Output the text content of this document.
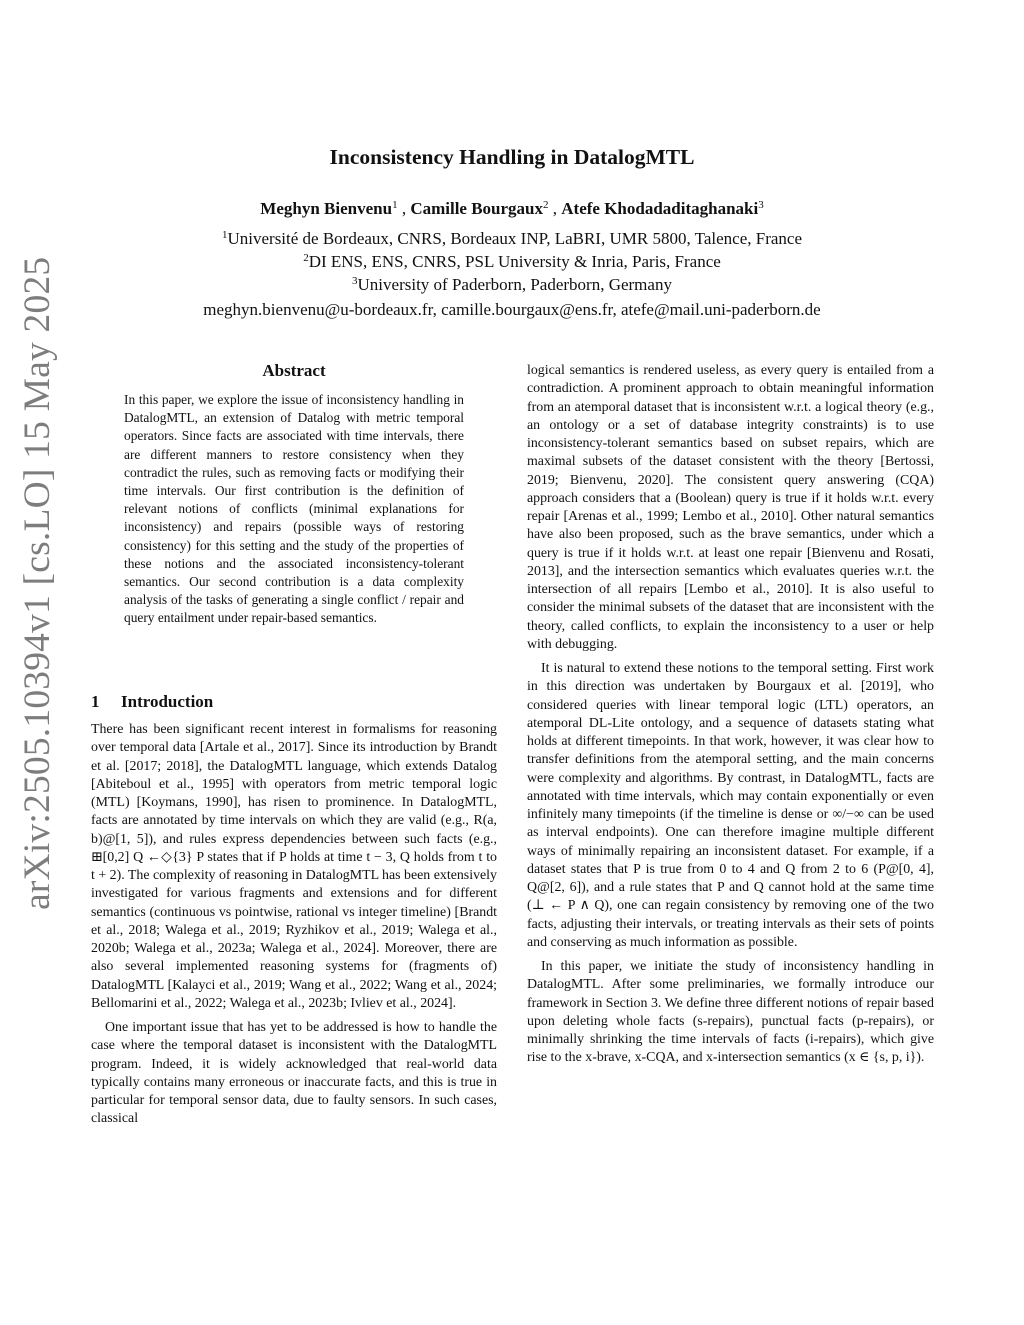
arXiv:2505.10394v1 [cs.LO] 15 May 2025
Inconsistency Handling in DatalogMTL
Meghyn Bienvenu$^1$ , Camille Bourgaux$^2$ , Atefe Khodadaditaghanaki$^3$
$^1$Université de Bordeaux, CNRS, Bordeaux INP, LaBRI, UMR 5800, Talence, France
$^2$DI ENS, ENS, CNRS, PSL University & Inria, Paris, France
$^3$University of Paderborn, Paderborn, Germany
meghyn.bienvenu@u-bordeaux.fr, camille.bourgaux@ens.fr, atefe@mail.uni-paderborn.de
Abstract
In this paper, we explore the issue of inconsistency handling in DatalogMTL, an extension of Datalog with metric temporal operators. Since facts are associated with time intervals, there are different manners to restore consistency when they contradict the rules, such as removing facts or modifying their time intervals. Our first contribution is the definition of relevant notions of conflicts (minimal explanations for inconsistency) and repairs (possible ways of restoring consistency) for this setting and the study of the properties of these notions and the associated inconsistency-tolerant semantics. Our second contribution is a data complexity analysis of the tasks of generating a single conflict / repair and query entailment under repair-based semantics.
1 Introduction

There has been significant recent interest in formalisms for reasoning over temporal data [Artale et al., 2017]. Since its introduction by Brandt et al. [2017; 2018], the DatalogMTL language, which extends Datalog [Abiteboul et al., 1995] with operators from metric temporal logic (MTL) [Koymans, 1990], has risen to prominence. In DatalogMTL, facts are annotated by time intervals on which they are valid (e.g., R(a, b)@[1, 5]), and rules express dependencies between such facts (e.g., ⊞[0,2] Q ←◇{3} P states that if P holds at time t − 3, Q holds from t to t + 2). The complexity of reasoning in DatalogMTL has been extensively investigated for various fragments and extensions and for different semantics (continuous vs pointwise, rational vs integer timeline) [Brandt et al., 2018; Walega et al., 2019; Ryzhikov et al., 2019; Walega et al., 2020b; Walega et al., 2023a; Walega et al., 2024]. Moreover, there are also several implemented reasoning systems for (fragments of) DatalogMTL [Kalayci et al., 2019; Wang et al., 2022; Wang et al., 2024; Bellomarini et al., 2022; Walega et al., 2023b; Ivliev et al., 2024].

One important issue that has yet to be addressed is how to handle the case where the temporal dataset is inconsistent with the DatalogMTL program. Indeed, it is widely acknowledged that real-world data typically contains many erroneous or inaccurate facts, and this is true in particular for temporal sensor data, due to faulty sensors. In such cases, classical

logical semantics is rendered useless, as every query is entailed from a contradiction. A prominent approach to obtain meaningful information from an atemporal dataset that is inconsistent w.r.t. a logical theory (e.g., an ontology or a set of database integrity constraints) is to use inconsistency-tolerant semantics based on subset repairs, which are maximal subsets of the dataset consistent with the theory [Bertossi, 2019; Bienvenu, 2020]. The consistent query answering (CQA) approach considers that a (Boolean) query is true if it holds w.r.t. every repair [Arenas et al., 1999; Lembo et al., 2010]. Other natural semantics have also been proposed, such as the brave semantics, under which a query is true if it holds w.r.t. at least one repair [Bienvenu and Rosati, 2013], and the intersection semantics which evaluates queries w.r.t. the intersection of all repairs [Lembo et al., 2010]. It is also useful to consider the minimal subsets of the dataset that are inconsistent with the theory, called conflicts, to explain the inconsistency to a user or help with debugging.

It is natural to extend these notions to the temporal setting. First work in this direction was undertaken by Bourgaux et al. [2019], who considered queries with linear temporal logic (LTL) operators, an atemporal DL-Lite ontology, and a sequence of datasets stating what holds at different timepoints. In that work, however, it was clear how to transfer definitions from the atemporal setting, and the main concerns were complexity and algorithms. By contrast, in DatalogMTL, facts are annotated with time intervals, which may contain exponentially or even infinitely many timepoints (if the timeline is dense or ∞/−∞ can be used as interval endpoints). One can therefore imagine multiple different ways of minimally repairing an inconsistent dataset. For example, if a dataset states that P is true from 0 to 4 and Q from 2 to 6 (P@[0, 4], Q@[2, 6]), and a rule states that P and Q cannot hold at the same time (⊥ ← P ∧ Q), one can regain consistency by removing one of the two facts, adjusting their intervals, or treating intervals as their sets of points and conserving as much information as possible.

In this paper, we initiate the study of inconsistency handling in DatalogMTL. After some preliminaries, we formally introduce our framework in Section 3. We define three different notions of repair based upon deleting whole facts (s-repairs), punctual facts (p-repairs), or minimally shrinking the time intervals of facts (i-repairs), which give rise to the x-brave, x-CQA, and x-intersection semantics (x ∈ {s, p, i}).
